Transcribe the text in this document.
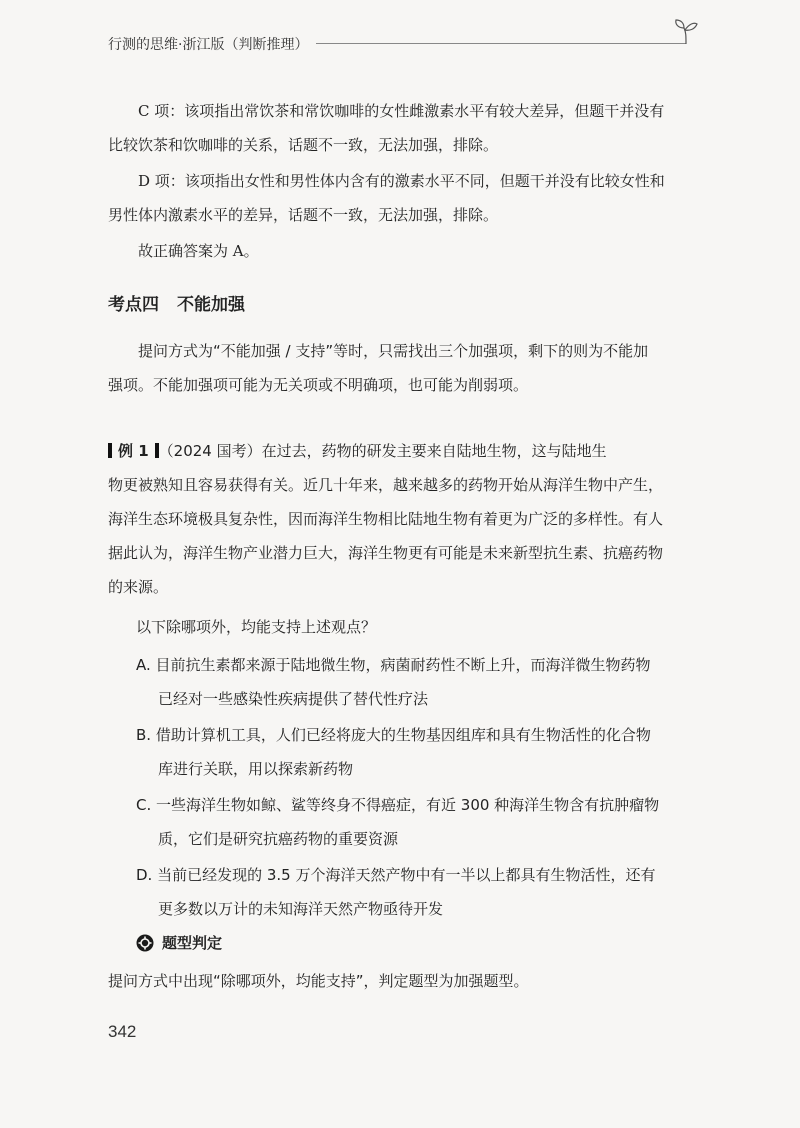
行测的思维·浙江版（判断推理）

C 项：该项指出常饮茶和常饮咖啡的女性雌激素水平有较大差异，但题干并没有

比较饮茶和饮咖啡的关系，话题不一致，无法加强，排除。

D 项：该项指出女性和男性体内含有的激素水平不同，但题干并没有比较女性和

男性体内激素水平的差异，话题不一致，无法加强，排除。

故正确答案为 A。

考点四 不能加强

提问方式为“不能加强 / 支持”等时，只需找出三个加强项，剩下的则为不能加

强项。不能加强项可能为无关项或不明确项，也可能为削弱项。

例 1 （2024 国考）在过去，药物的研发主要来自陆地生物，这与陆地生

物更被熟知且容易获得有关。近几十年来，越来越多的药物开始从海洋生物中产生，

海洋生态环境极具复杂性，因而海洋生物相比陆地生物有着更为广泛的多样性。有人

据此认为，海洋生物产业潜力巨大，海洋生物更有可能是未来新型抗生素、抗癌药物

的来源。

以下除哪项外，均能支持上述观点？

A. 目前抗生素都来源于陆地微生物，病菌耐药性不断上升，而海洋微生物药物

已经对一些感染性疾病提供了替代性疗法

B. 借助计算机工具，人们已经将庞大的生物基因组库和具有生物活性的化合物

库进行关联，用以探索新药物

C. 一些海洋生物如鲸、鲨等终身不得癌症，有近 300 种海洋生物含有抗肿瘤物

质，它们是研究抗癌药物的重要资源

D. 当前已经发现的 3.5 万个海洋天然产物中有一半以上都具有生物活性，还有

更多数以万计的未知海洋天然产物亟待开发

题型判定

提问方式中出现“除哪项外，均能支持”，判定题型为加强题型。

342
